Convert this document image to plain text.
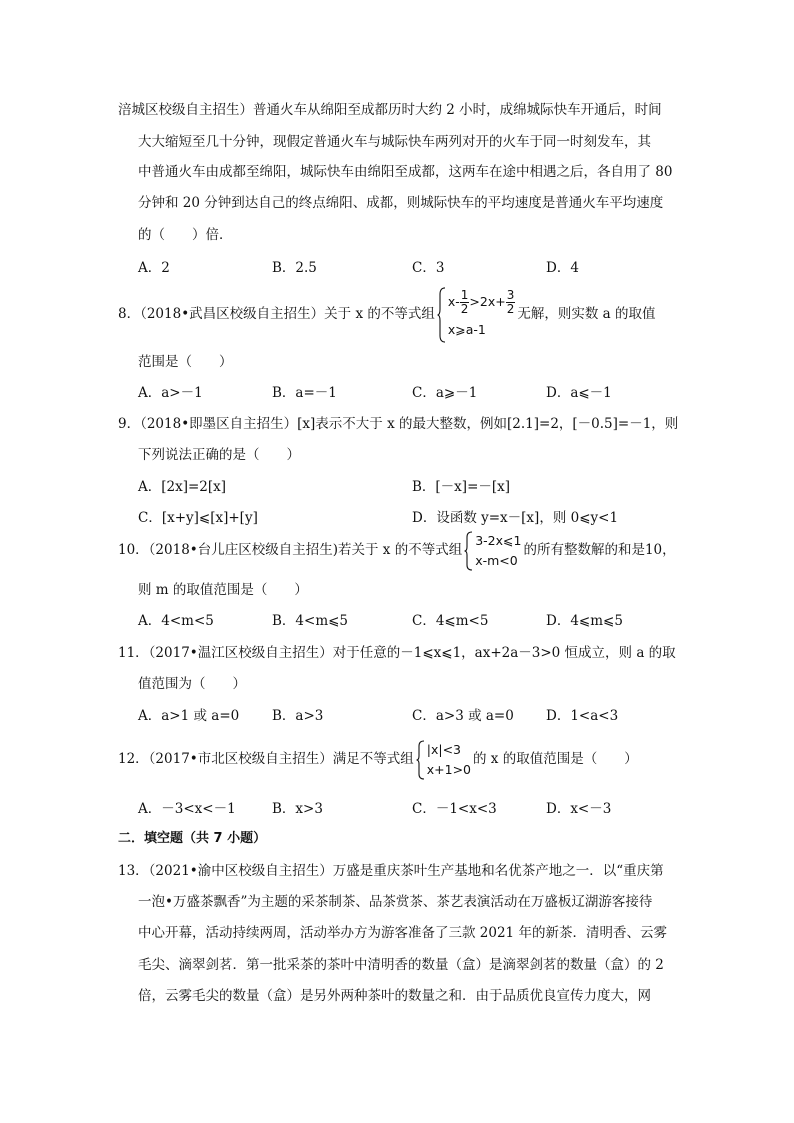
涪城区校级自主招生）普通火车从绵阳至成都历时大约 2 小时，成绵城际快车开通后，时间
大大缩短至几十分钟，现假定普通火车与城际快车两列对开的火车于同一时刻发车，其
中普通火车由成都至绵阳，城际快车由绵阳至成都，这两车在途中相遇之后，各自用了 80
分钟和 20 分钟到达自己的终点绵阳、成都，则城际快车的平均速度是普通火车平均速度
的（　　）倍．
A．2	B．2.5	C．3	D．4
8．（2018•武昌区校级自主招生）关于 x 的不等式组
$x- \frac{1}{2} >2x+ \frac{3}{2}$
x⩾a-1
无解，则实数 a 的取值
范围是（　　）
A．a>－1	B．a=－1	C．a⩾－1	D．a⩽－1
9．（2018•即墨区自主招生）[x]表示不大于 x 的最大整数，例如[2.1]=2，[－0.5]=－1，则
下列说法正确的是（　　）
A．[2x]=2[x]	B．[－x]=－[x]
C．[x+y]⩽[x]+[y]	D．设函数 y=x－[x]，则 0⩽y<1
10．（2018•台儿庄区校级自主招生)若关于 x 的不等式组
3-2x⩽1
x-m<0
的所有整数解的和是10，
则 m 的取值范围是（　　）
A．4<m<5	B．4<m⩽5	C．4⩽m<5	D．4⩽m⩽5
11．（2017•温江区校级自主招生）对于任意的－1⩽x⩽1，ax+2a－3>0 恒成立，则 a 的取
值范围为（　　）
A．a>1 或 a=0 B．a>3	C．a>3 或 a=0 D．1<a<3
12．（2017•市北区校级自主招生）满足不等式组
|x|<3
x+1>0
的 x 的取值范围是（　　）
A．－3<x<－1	B．x>3	C．－1<x<3	D．x<－3
二．填空题（共 7 小题）
13．（2021•渝中区校级自主招生）万盛是重庆茶叶生产基地和名优茶产地之一．以“重庆第
一泡•万盛茶飘香”为主题的采茶制茶、品茶赏茶、茶艺表演活动在万盛板辽湖游客接待
中心开幕，活动持续两周，活动举办方为游客准备了三款 2021 年的新茶．清明香、云雾
毛尖、滴翠剑茗．第一批采茶的茶叶中清明香的数量（盒）是滴翠剑茗的数量（盒）的 2
倍，云雾毛尖的数量（盒）是另外两种茶叶的数量之和．由于品质优良宣传力度大，网
